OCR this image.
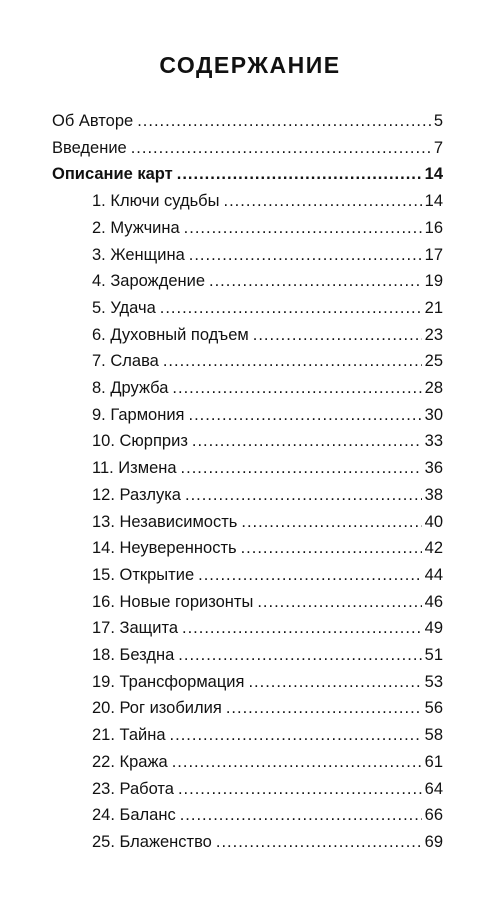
СОДЕРЖАНИЕ
Об Авторе .....	5
Введение .....	7
Описание карт .....	14
1. Ключи судьбы .....	14
2. Мужчина .....	16
3. Женщина .....	17
4. Зарождение .....	19
5. Удача .....	21
6. Духовный подъем .....	23
7. Слава .....	25
8. Дружба .....	28
9. Гармония .....	30
10. Сюрприз .....	33
11. Измена .....	36
12. Разлука .....	38
13. Независимость .....	40
14. Неуверенность .....	42
15. Открытие .....	44
16. Новые горизонты .....	46
17. Защита .....	49
18. Бездна .....	51
19. Трансформация .....	53
20. Рог изобилия .....	56
21. Тайна .....	58
22. Кража .....	61
23. Работа .....	64
24. Баланс .....	66
25. Блаженство .....	69
